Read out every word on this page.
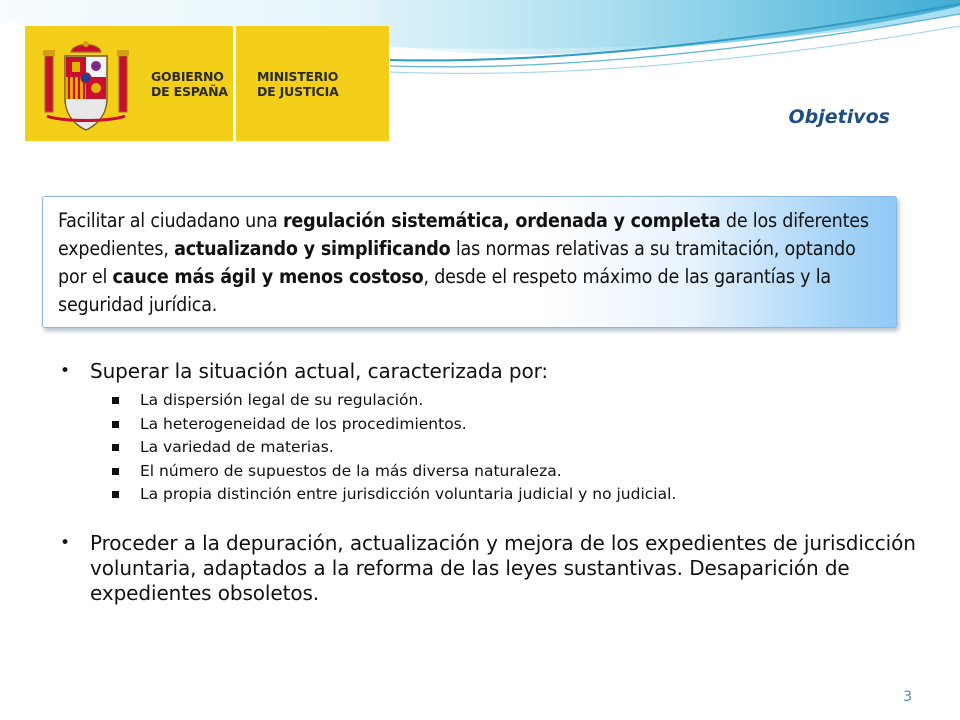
GOBIERNO
DE ESPAÑA
MINISTERIO
DE JUSTICIA
Objetivos

Facilitar al ciudadano una regulación sistemática, ordenada y completa de los diferentes expedientes, actualizando y simplificando las normas relativas a su tramitación, optando por el cauce más ágil y menos costoso, desde el respeto máximo de las garantías y la seguridad jurídica.

• Superar la situación actual, caracterizada por:
La dispersión legal de su regulación.
La heterogeneidad de los procedimientos.
La variedad de materias.
El número de supuestos de la más diversa naturaleza.
La propia distinción entre jurisdicción voluntaria judicial y no judicial.
• Proceder a la depuración, actualización y mejora de los expedientes de jurisdicción voluntaria, adaptados a la reforma de las leyes sustantivas. Desaparición de expedientes obsoletos.
3
